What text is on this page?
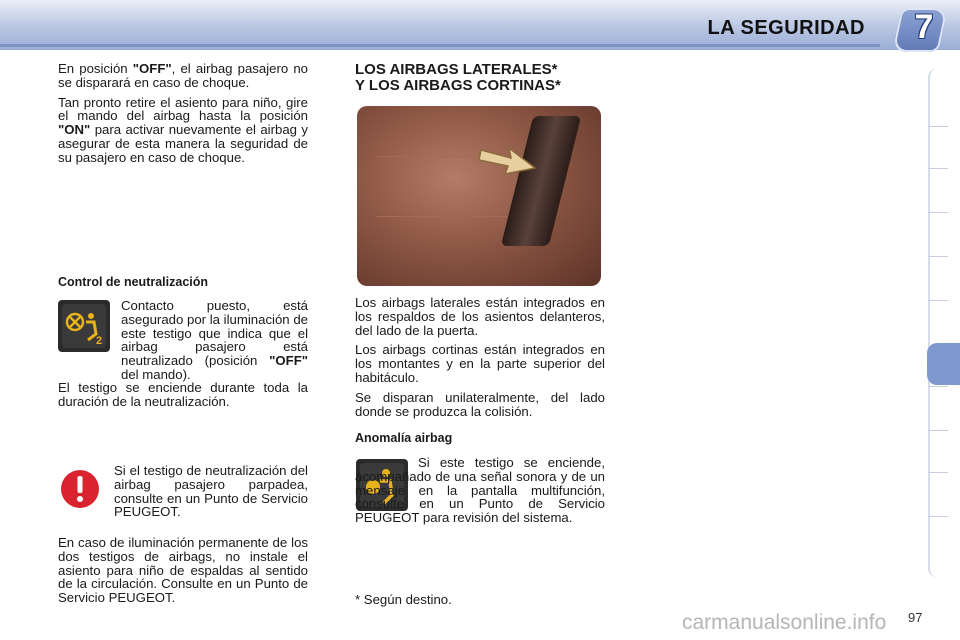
LA SEGURIDAD	7

En posición "OFF", el airbag pasajero no se disparará en caso de choque.

Tan pronto retire el asiento para niño, gire el mando del airbag hasta la posición "ON" para activar nuevamente el airbag y asegurar de esta manera la seguridad de su pasajero en caso de choque.

Control de neutralización
2

Contacto puesto, está asegurado por la iluminación de este testigo que indica que el airbag pasajero está neutralizado (posición "OFF" del mando).

El testigo se enciende durante toda la duración de la neutralización.

Si el testigo de neutralización del airbag pasajero parpadea, consulte en un Punto de Servicio PEUGEOT.

En caso de iluminación permanente de los dos testigos de airbags, no instale el asiento para niño de espaldas al sentido de la circulación. Consulte en un Punto de Servicio PEUGEOT.

LOS AIRBAGS LATERALES*
Y LOS AIRBAGS CORTINAS*

Los airbags laterales están integrados en los respaldos de los asientos delanteros, del lado de la puerta.

Los airbags cortinas están integrados en los montantes y en la parte superior del habitáculo.

Se disparan unilateralmente, del lado donde se produzca la colisión.

Anomalía airbag

Si este testigo se enciende, acompañado de una señal sonora y de un mensaje en la pantalla multifunción, consulte en un Punto de Servicio PEUGEOT para revisión del sistema.

* Según destino.
carmanualsonline.info 97
